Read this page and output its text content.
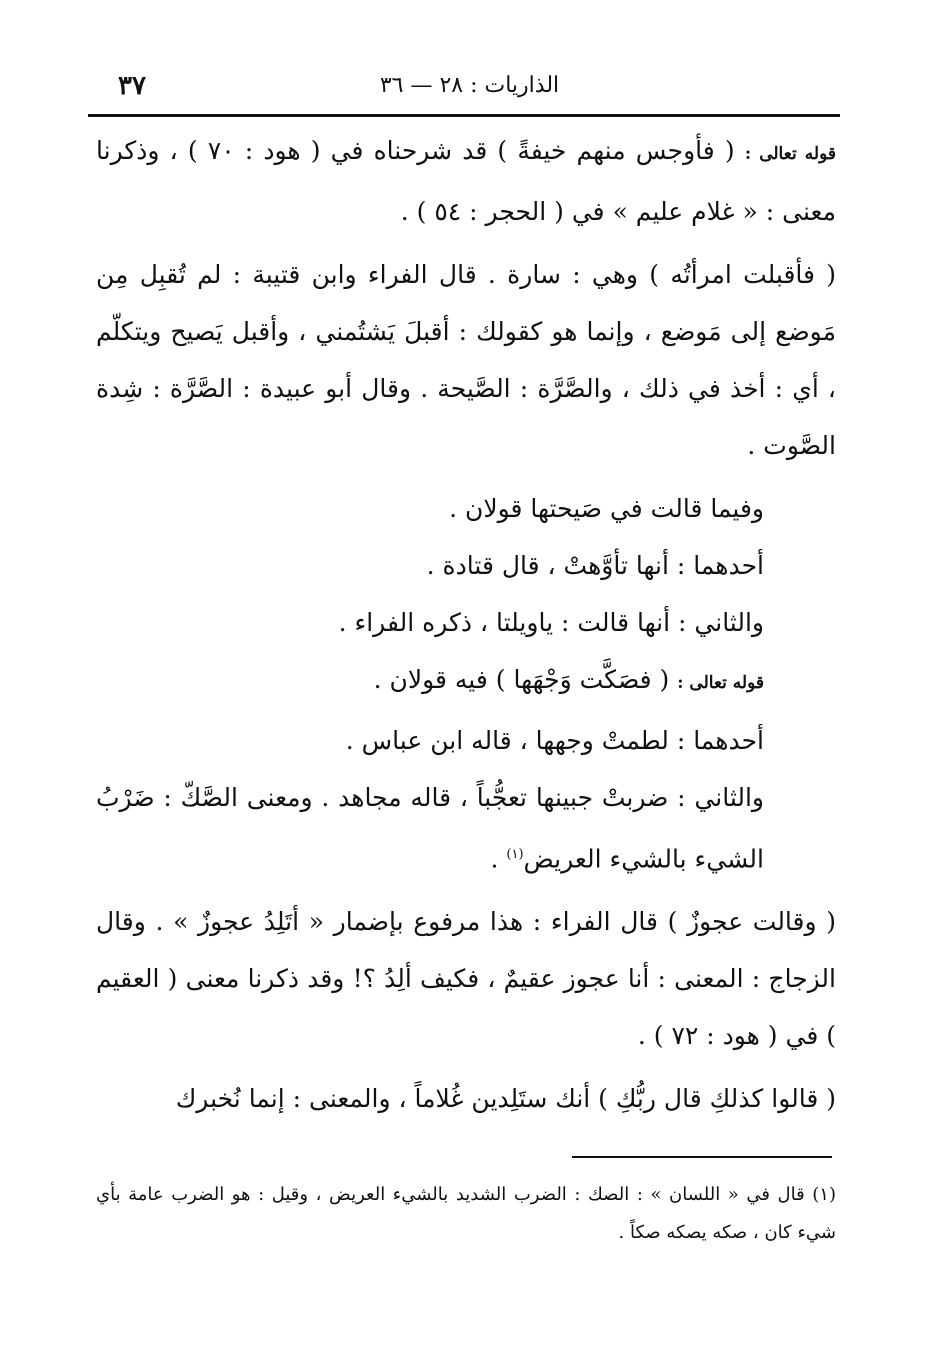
الذاريات : ٢٨ — ٣٦
٣٧

قوله تعالى : ( فأوجس منهم خيفةً ) قد شرحناه في ( هود : ٧٠ ) ، وذكرنا معنى : « غلام عليم » في ( الحجر : ٥٤ ) .

( فأقبلت امرأتُه ) وهي : سارة . قال الفراء وابن قتيبة : لم تُقبِل مِن مَوضع إلى مَوضع ، وإنما هو كقولك : أقبلَ يَشتُمني ، وأقبل يَصيح ويتكلّم ، أي : أخذ في ذلك ، والصَّرَّة : الصَّيحة . وقال أبو عبيدة : الصَّرَّة : شِدة الصَّوت .

وفيما قالت في صَيحتها قولان .

أحدهما : أنها تأوَّهتْ ، قال قتادة .

والثاني : أنها قالت : ياويلتا ، ذكره الفراء .

قوله تعالى : ( فصَكَّت وَجْهَها ) فيه قولان .

أحدهما : لطمتْ وجهها ، قاله ابن عباس .

والثاني : ضربتْ جبينها تعجُّباً ، قاله مجاهد . ومعنى الصَّكّ : ضَرْبُ الشيء بالشيء العريض$^{(١)}$ .

( وقالت عجوزٌ ) قال الفراء : هذا مرفوع بإضمار « أتَلِدُ عجوزٌ » . وقال الزجاج : المعنى : أنا عجوز عقيمٌ ، فكيف ألِدُ ؟! وقد ذكرنا معنى ( العقيم ) في ( هود : ٧٢ ) .

( قالوا كذلكِ قال ربُّكِ ) أنك ستَلِدين غُلاماً ، والمعنى : إنما نُخبرك

(١) قال في « اللسان » : الصك : الضرب الشديد بالشيء العريض ، وقيل : هو الضرب عامة بأي شيء كان ، صكه يصكه صكاً .
